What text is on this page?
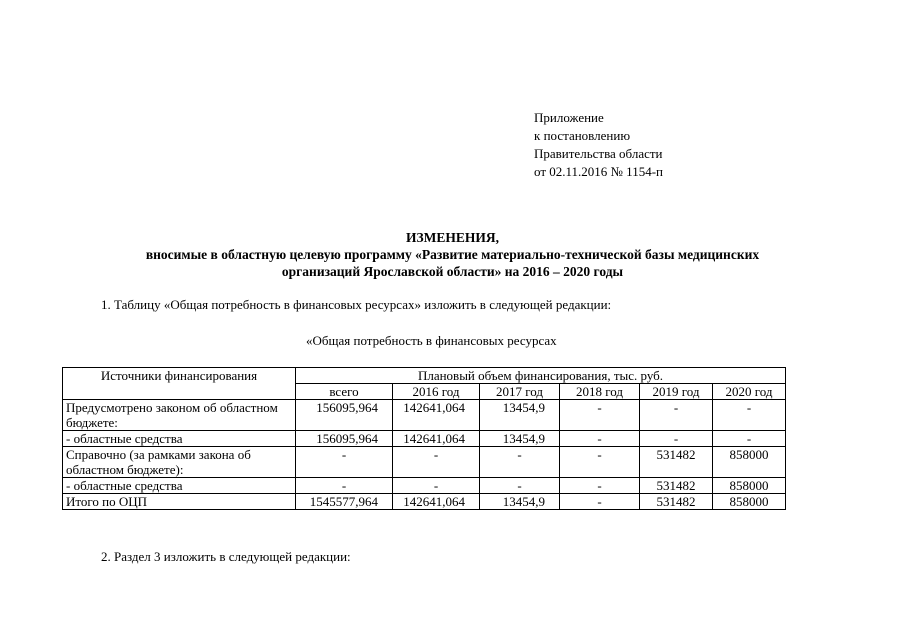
Приложение
к постановлению
Правительства области
от 02.11.2016 № 1154-п
ИЗМЕНЕНИЯ,
вносимые в областную целевую программу «Развитие материально-технической базы медицинских
организаций Ярославской области» на 2016 – 2020 годы
1. Таблицу «Общая потребность в финансовых ресурсах» изложить в следующей редакции:
«Общая потребность в финансовых ресурсах
Источники финансирования	Плановый объем финансирования, тыс. руб.					
	всего	2016 год	2017 год	2018 год	2019 год	2020 год
Предусмотрено законом об областном бюджете:	156095,964	142641,064	13454,9	-	-	-
- областные средства	156095,964	142641,064	13454,9	-	-	-
Справочно (за рамками закона об областном бюджете):	-	-	-	-	531482	858000
- областные средства	-	-	-	-	531482	858000
Итого по ОЦП	1545577,964	142641,064	13454,9	-	531482	858000
2. Раздел 3 изложить в следующей редакции:
